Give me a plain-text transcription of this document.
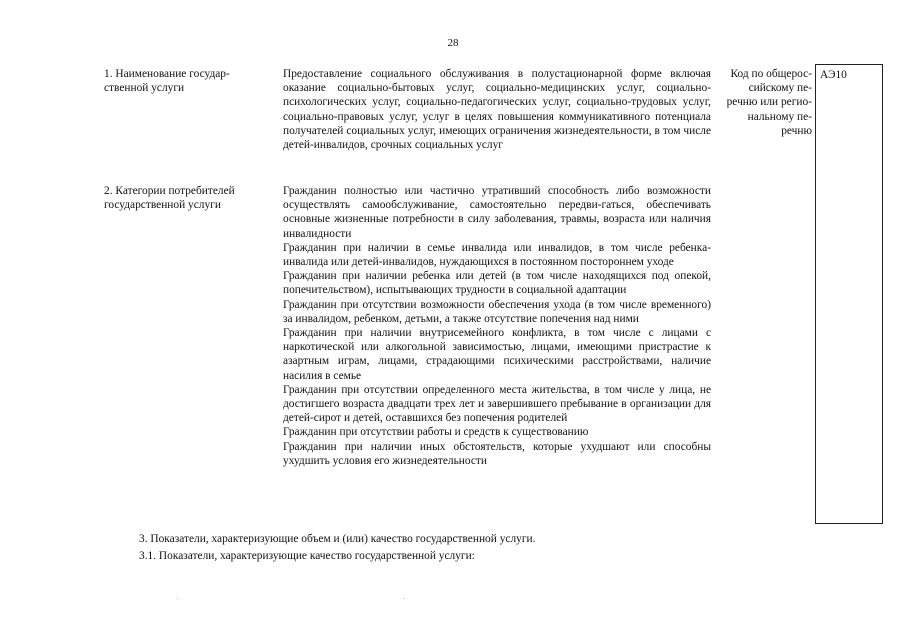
28
1. Наименование государ-
ственной услуги

Предоставление социального обслуживания в полустационарной форме включая оказание социально-бытовых услуг, социально-медицинских услуг, социально-психологических услуг, социально-педагогических услуг, социально-трудовых услуг, социально-правовых услуг, услуг в целях повышения коммуникативного потенциала получателей социальных услуг, имеющих ограничения жизнедеятельности, в том числе детей-инвалидов, срочных социальных услуг

Код по общерос-
сийскому пе-
речню или регио-
нальному пе-
речню
АЭ10
2. Категории потребителей
государственной услуги

Гражданин полностью или частично утративший способность либо возможности осуществлять самообслуживание, самостоятельно передви-гаться, обеспечивать основные жизненные потребности в силу заболевания, травмы, возраста или наличия инвалидности

Гражданин при наличии в семье инвалида или инвалидов, в том числе ребенка-инвалида или детей-инвалидов, нуждающихся в постоянном постороннем уходе

Гражданин при наличии ребенка или детей (в том числе находящихся под опекой, попечительством), испытывающих трудности в социальной адаптации

Гражданин при отсутствии возможности обеспечения ухода (в том числе временного) за инвалидом, ребенком, детьми, а также отсутствие попечения над ними

Гражданин при наличии внутрисемейного конфликта, в том числе с лицами с наркотической или алкогольной зависимостью, лицами, имеющими пристрастие к азартным играм, лицами, страдающими психическими расстройствами, наличие насилия в семье

Гражданин при отсутствии определенного места жительства, в том числе у лица, не достигшего возраста двадцати трех лет и завершившего пребывание в организации для детей-сирот и детей, оставшихся без попечения родителей

Гражданин при отсутствии работы и средств к существованию

Гражданин при наличии иных обстоятельств, которые ухудшают или способны ухудшить условия его жизнедеятельности

3. Показатели, характеризующие объем и (или) качество государственной услуги.
3.1. Показатели, характеризующие качество государственной услуги:
